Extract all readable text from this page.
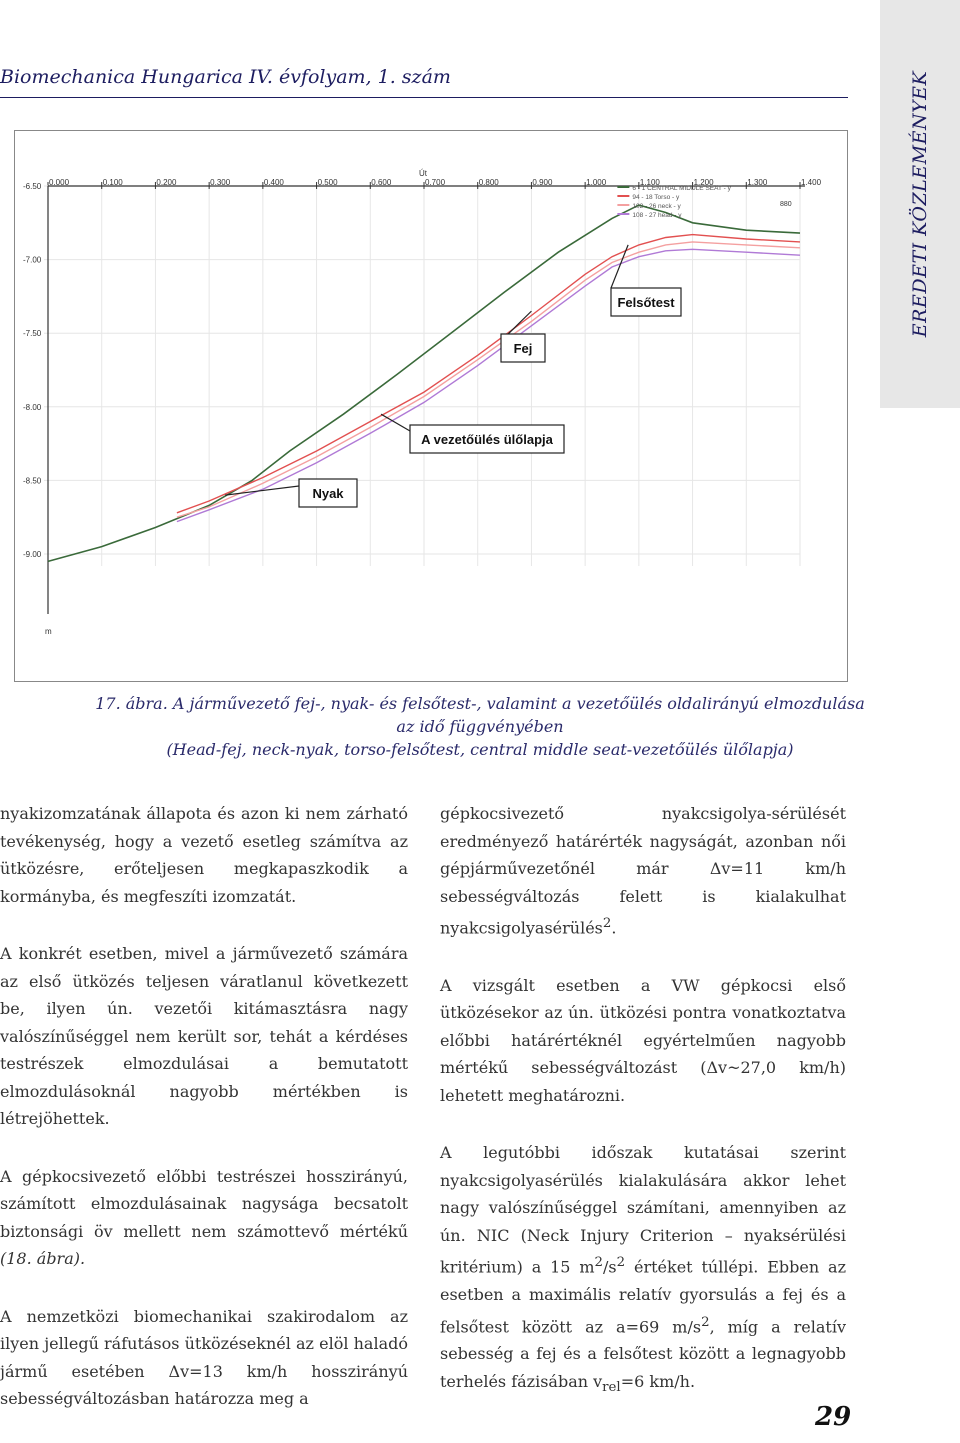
Biomechanica Hungarica IV. évfolyam, 1. szám	EREDETI KÖZLEMÉNYEK
0.000	0.100	0.200	0.300	0.400	0.500	0.600	0.700	0.800	0.900	1.000	1.100	1.200	1.300	1.400
-6.50
-7.00
-7.50
-8.00
-8.50
-9.00
Út
m
880
6 - 1 CENTRAL MIDDLE SEAT - y
94 - 18 Torso - y
102 - 26 neck - y
108 - 27 head - y
Felsőtest
Fej
A vezetőülés ülőlapja
Nyak
17. ábra. A járművezető fej-, nyak- és felsőtest-, valamint a vezetőülés oldalirányú elmozdulása
az idő függvényében
(Head-fej, neck-nyak, torso-felsőtest, central middle seat-vezetőülés ülőlapja)

nyakizomzatának állapota és azon ki nem zárható tevékenység, hogy a vezető esetleg számítva az ütközésre, erőteljesen megkapaszkodik a kormányba, és megfeszíti izomzatát.

A konkrét esetben, mivel a járművezető számára az első ütközés teljesen váratlanul következett be, ilyen ún. vezetői kitámasztásra nagy valószínűséggel nem került sor, tehát a kérdéses testrészek elmozdulásai a bemutatott elmozdulásoknál nagyobb mértékben is létrejöhettek.

A gépkocsivezető előbbi testrészei hosszirányú, számított elmozdulásainak nagysága becsatolt biztonsági öv mellett nem számottevő mértékű (18. ábra).

A nemzetközi biomechanikai szakirodalom az ilyen jellegű ráfutásos ütközéseknél az elöl haladó jármű esetében Δv=13 km/h hosszirányú sebességváltozásban határozza meg a

gépkocsivezető nyakcsigolya-sérülését eredményező határérték nagyságát, azonban női gépjárművezetőnél már Δv=11 km/h sebességváltozás felett is kialakulhat nyakcsigolyasérülés$^2$.

A vizsgált esetben a VW gépkocsi első ütközésekor az ún. ütközési pontra vonatkoztatva előbbi határértéknél egyértelműen nagyobb mértékű sebességváltozást (Δv~27,0 km/h) lehetett meghatározni.

A legutóbbi időszak kutatásai szerint nyakcsigolyasérülés kialakulására akkor lehet nagy valószínűséggel számítani, amennyiben az ún. NIC (Neck Injury Criterion – nyaksérülési kritérium) a 15 $m^2/s^2$ értéket túllépi. Ebben az esetben a maximális relatív gyorsulás a fej és a felsőtest között az a=69 $m/s^2$, míg a relatív sebesség a fej és a felsőtest között a legnagyobb terhelés fázisában $v_{rel}=6$ km/h.

29
